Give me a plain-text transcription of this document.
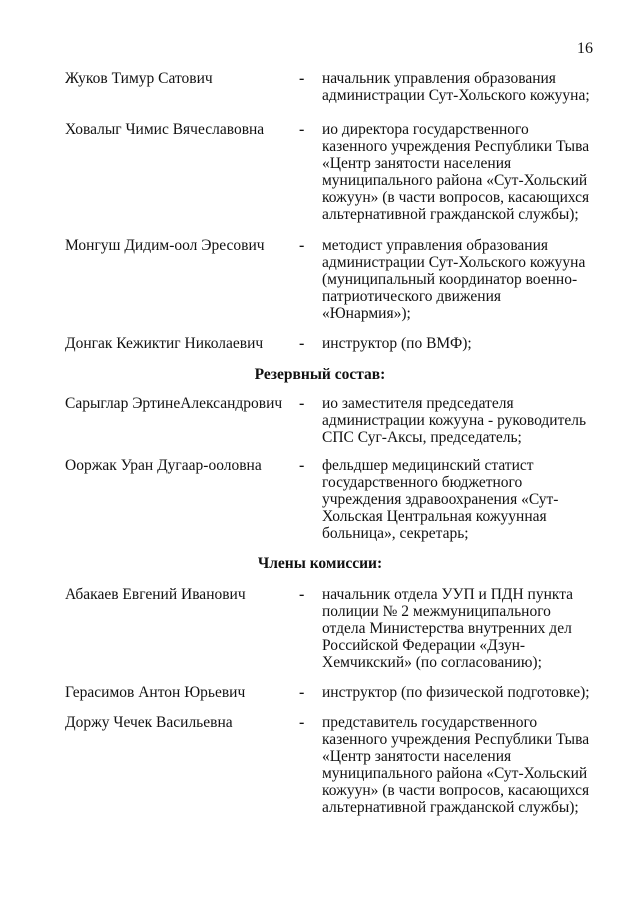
16
Жуков Тимур Сатович	- начальник управления образования
администрации Сут-Хольского кожууна;

Ховалыг Чимис Вячеславовна - ио директора государственного
казенного учреждения Республики Тыва
«Центр занятости населения
муниципального района «Сут-Хольский
кожуун» (в части вопросов, касающихся
альтернативной гражданской службы);

Монгуш Дидим-оол Эресович - методист управления образования
администрации Сут-Хольского кожууна
(муниципальный координатор военно-
патриотического движения
«Юнармия»);

Донгак Кежиктиг Николаевич - инструктор (по ВМФ);

Резервный состав:
Сарыглар ЭртинеАлександрович - ио заместителя председателя
администрации кожууна - руководитель
СПС Суг-Аксы, председатель;

Ооржак Уран Дугаар-ооловна - фельдшер медицинский статист
государственного бюджетного
учреждения здравоохранения «Сут-
Хольская Центральная кожуунная
больница», секретарь;

Члены комиссии:
Абакаев Евгений Иванович	- начальник отдела УУП и ПДН пункта
полиции № 2 межмуниципального
отдела Министерства внутренних дел
Российской Федерации «Дзун-
Хемчикский» (по согласованию);

Герасимов Антон Юрьевич	- инструктор (по физической подготовке);

Доржу Чечек Васильевна	- представитель государственного
казенного учреждения Республики Тыва
«Центр занятости населения
муниципального района «Сут-Хольский
кожуун» (в части вопросов, касающихся
альтернативной гражданской службы);
